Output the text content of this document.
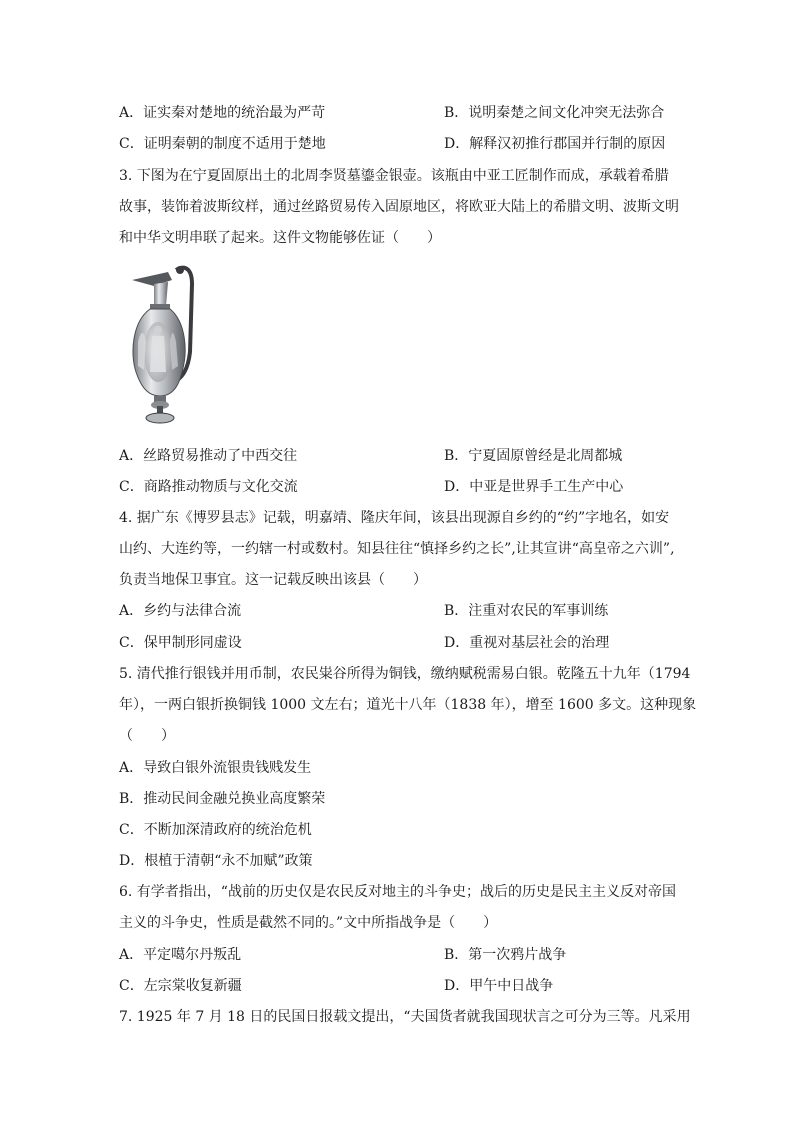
A．证实秦对楚地的统治最为严苛	B．说明秦楚之间文化冲突无法弥合
C．证明秦朝的制度不适用于楚地	D．解释汉初推行郡国并行制的原因
3. 下图为在宁夏固原出土的北周李贤墓鎏金银壶。该瓶由中亚工匠制作而成，承载着希腊
故事，装饰着波斯纹样，通过丝路贸易传入固原地区，将欧亚大陆上的希腊文明、波斯文明
和中华文明串联了起来。这件文物能够佐证（　　）
A．丝路贸易推动了中西交往	B．宁夏固原曾经是北周都城
C．商路推动物质与文化交流	D．中亚是世界手工生产中心
4. 据广东《博罗县志》记载，明嘉靖、隆庆年间，该县出现源自乡约的“约”字地名，如安
山约、大连约等，一约辖一村或数村。知县往往“慎择乡约之长”,让其宣讲“高皇帝之六训”,
负责当地保卫事宜。这一记载反映出该县（　　）
A．乡约与法律合流	B．注重对农民的军事训练
C．保甲制形同虚设	D．重视对基层社会的治理
5. 清代推行银钱并用币制，农民粜谷所得为铜钱，缴纳赋税需易白银。乾隆五十九年（1794
年），一两白银折换铜钱 1000 文左右；道光十八年（1838 年），增至 1600 多文。这种现象
（　　）
A．导致白银外流银贵钱贱发生
B．推动民间金融兑换业高度繁荣
C．不断加深清政府的统治危机
D．根植于清朝“永不加赋”政策
6. 有学者指出，“战前的历史仅是农民反对地主的斗争史；战后的历史是民主主义反对帝国
主义的斗争史，性质是截然不同的。”文中所指战争是（　　）
A．平定噶尔丹叛乱	B．第一次鸦片战争
C．左宗棠收复新疆	D．甲午中日战争
7. 1925 年 7 月 18 日的民国日报载文提出，“夫国货者就我国现状言之可分为三等。凡采用
